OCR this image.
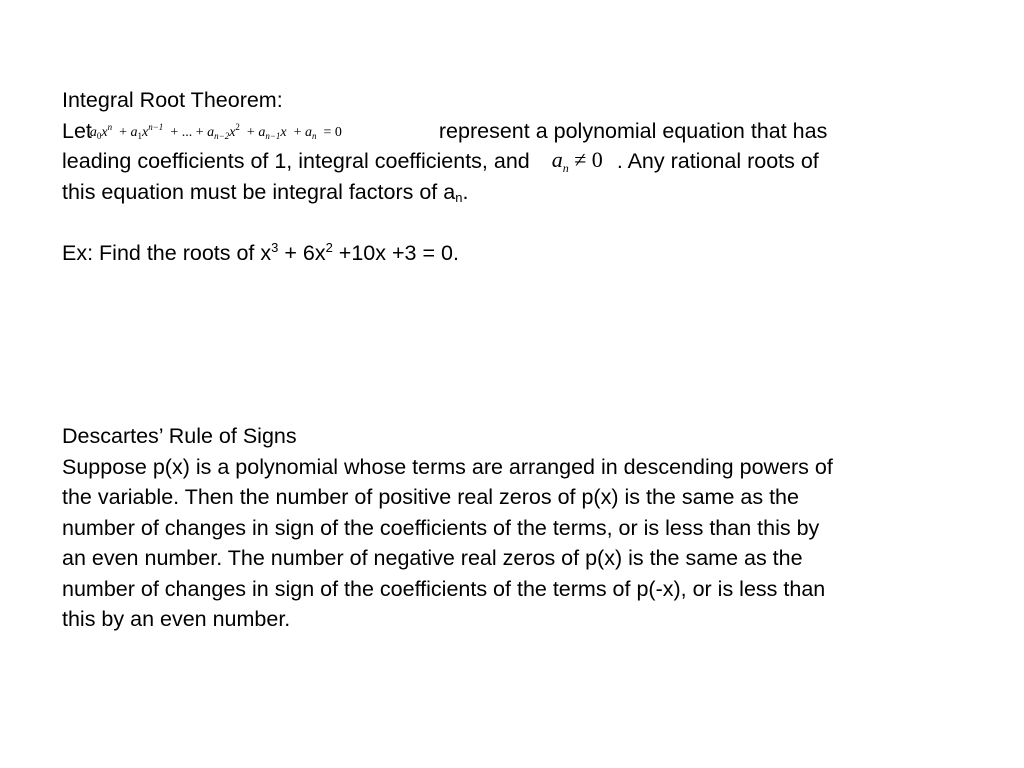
Integral Root Theorem:
$Leta_0x^n + a_1x^{n-1}$ + ... + $a_{n-2}x^2 + a_{n-1}x + a_n = 0$	represent a polynomial equation that has
leading coefficients of 1, integral coefficients, and $a_n \ne 0$ . Any rational roots of
this equation must be integral factors of $a_n$.
Ex: Find the roots of $x^3 + 6x^2 +10x +3 = 0$.
Descartes’ Rule of Signs
Suppose p(x) is a polynomial whose terms are arranged in descending powers of
the variable. Then the number of positive real zeros of p(x) is the same as the
number of changes in sign of the coefficients of the terms, or is less than this by
an even number. The number of negative real zeros of p(x) is the same as the
number of changes in sign of the coefficients of the terms of p(-x), or is less than
this by an even number.
